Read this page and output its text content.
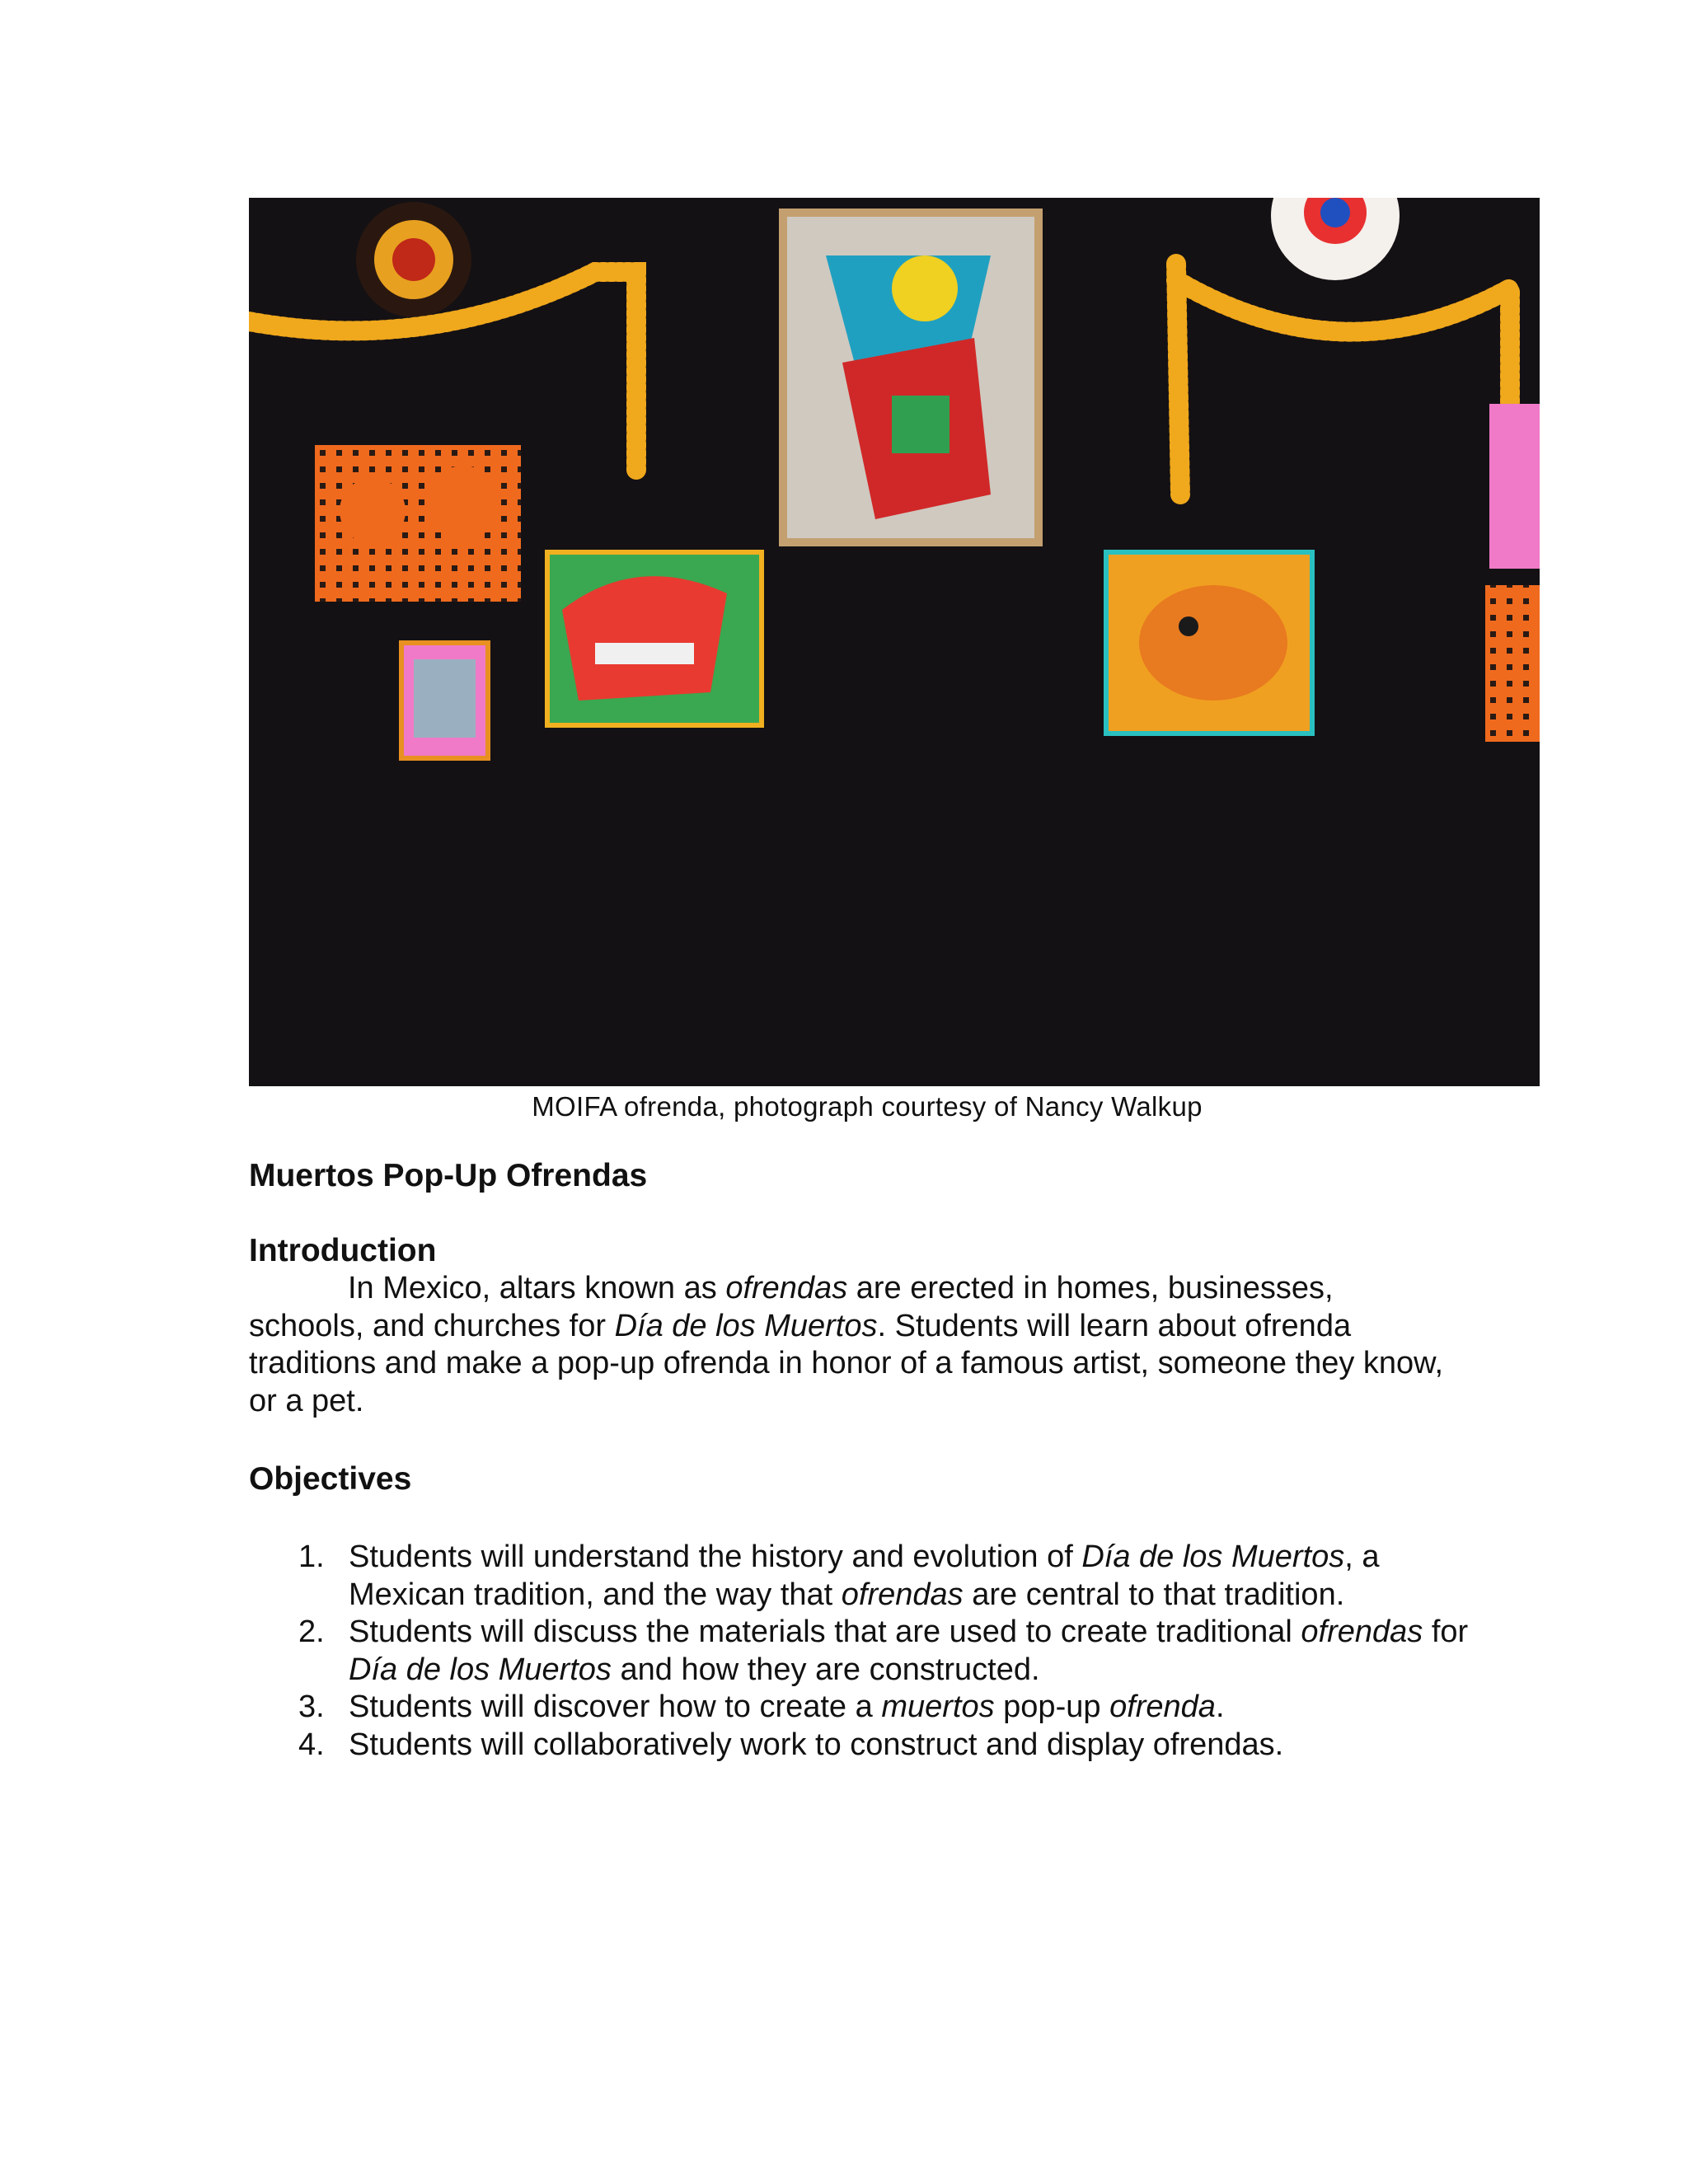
MOIFA ofrenda, photograph courtesy of Nancy Walkup
Muertos Pop-Up Ofrendas
Introduction

In Mexico, altars known as ofrendas are erected in homes, businesses, schools, and churches for Día de los Muertos. Students will learn about ofrenda traditions and make a pop-up ofrenda in honor of a famous artist, someone they know, or a pet.

Objectives
1. Students will understand the history and evolution of Día de los Muertos, a Mexican tradition, and the way that ofrendas are central to that tradition.
2. Students will discuss the materials that are used to create traditional ofrendas for Día de los Muertos and how they are constructed.
3. Students will discover how to create a muertos pop-up ofrenda.
4. Students will collaboratively work to construct and display ofrendas.
